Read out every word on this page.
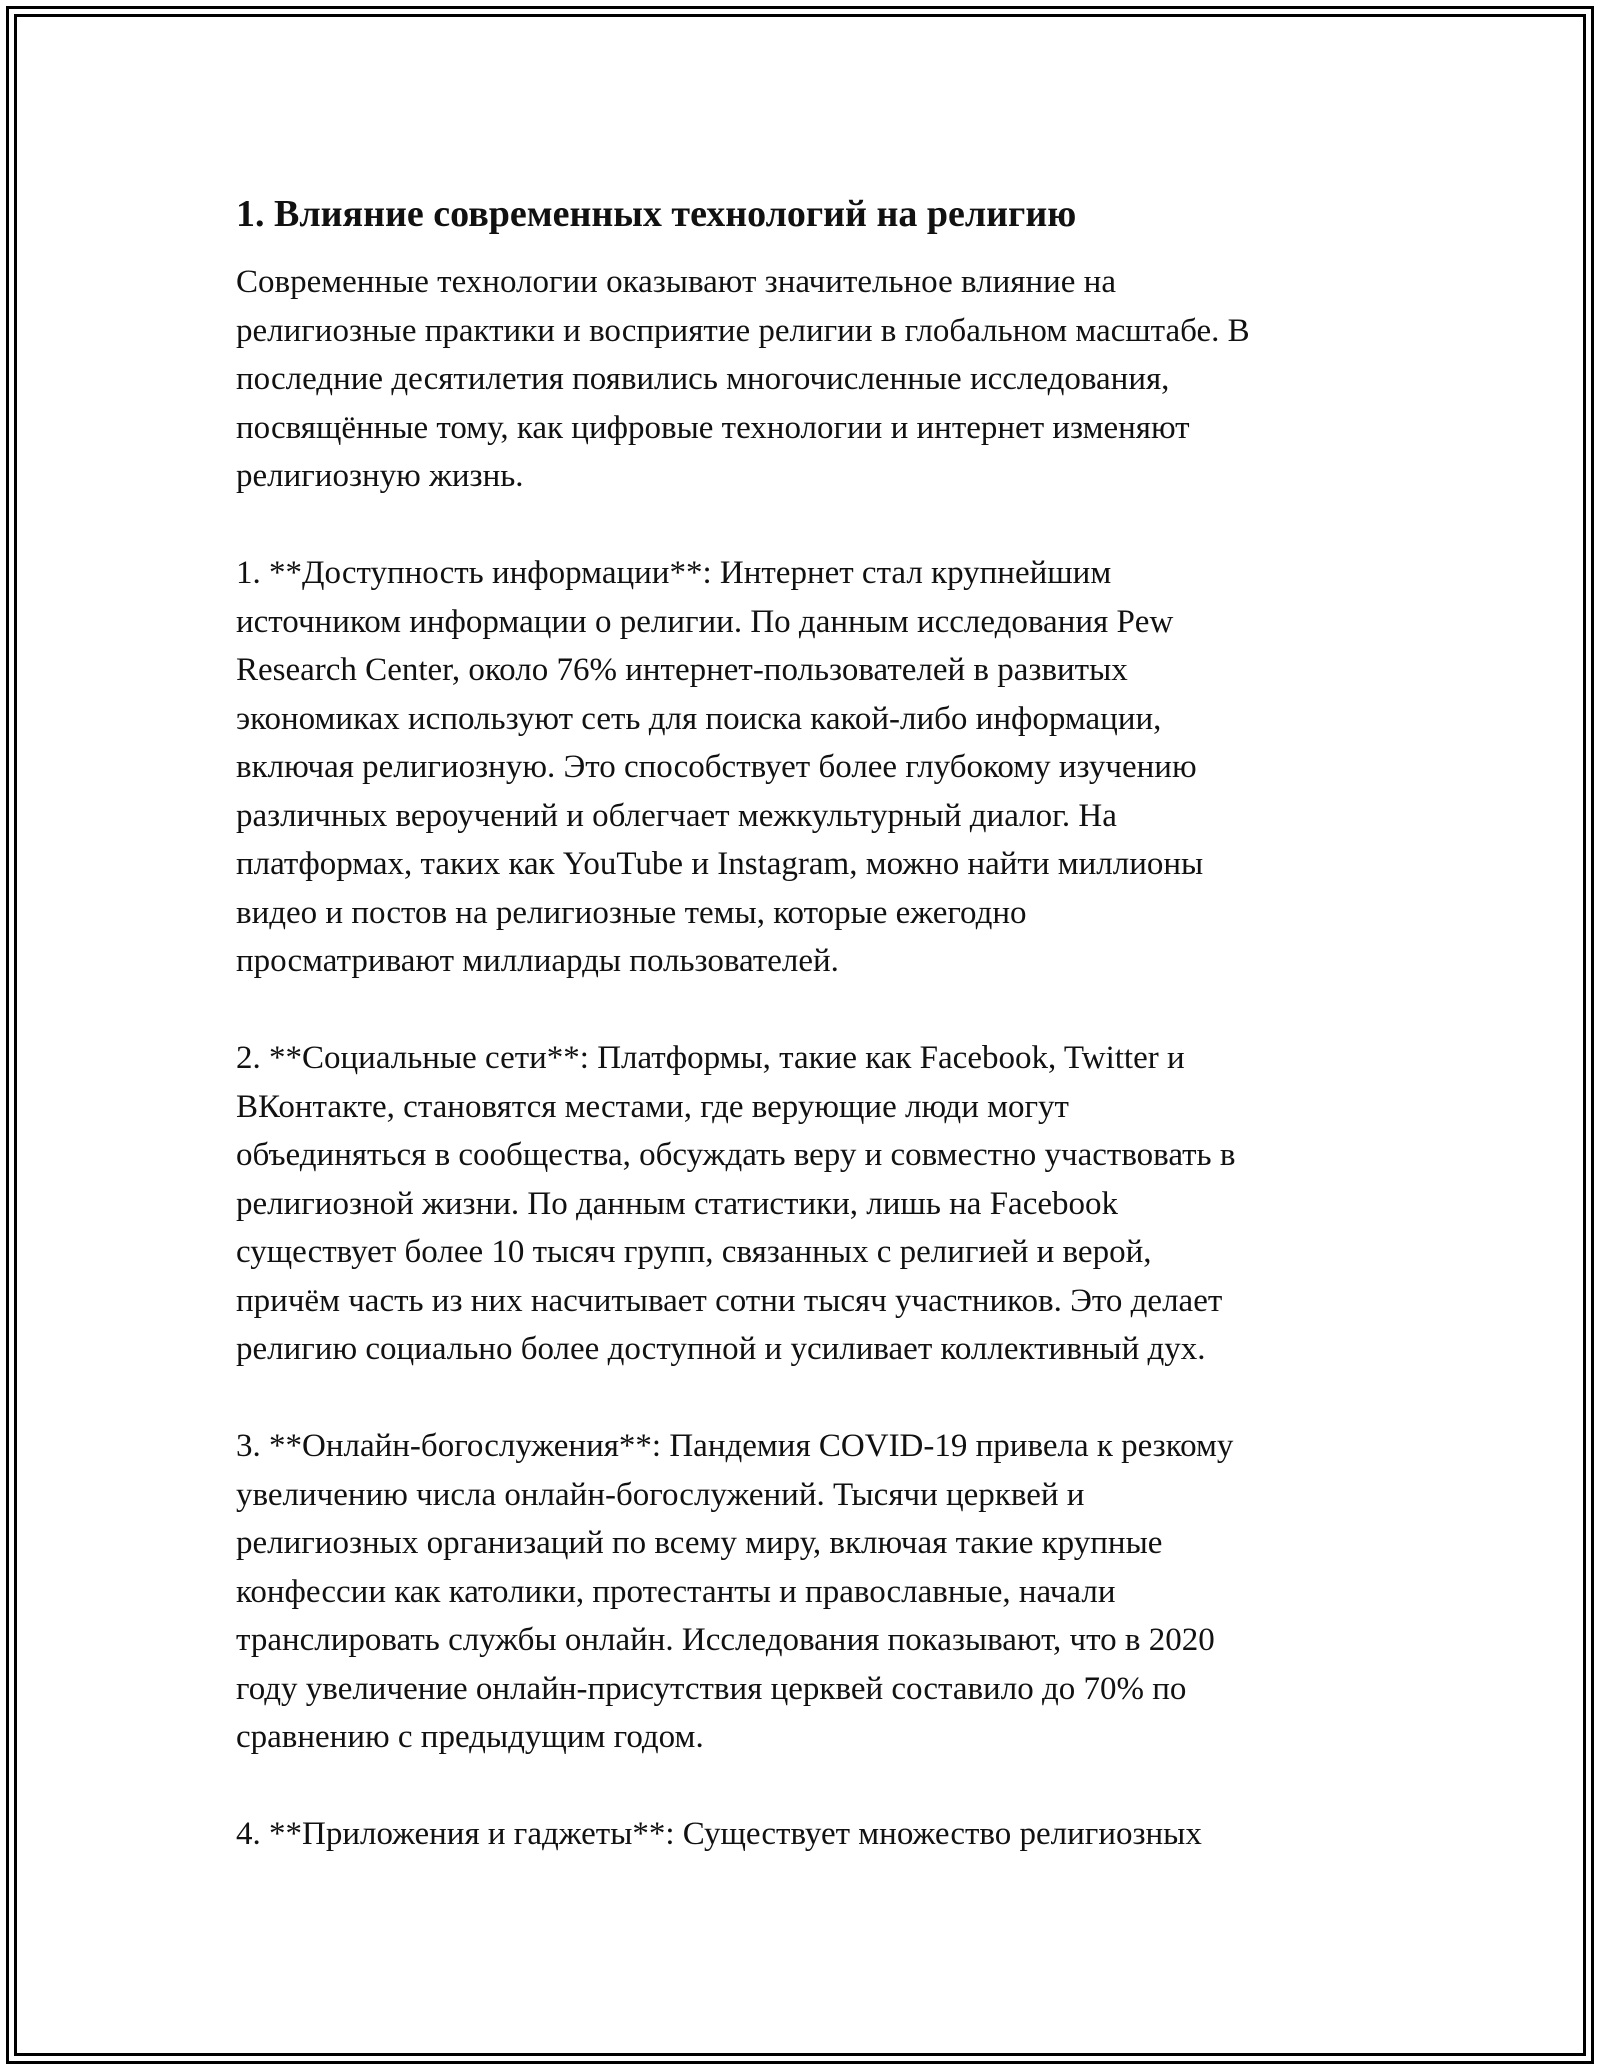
1. Влияние современных технологий на религию

Современные технологии оказывают значительное влияние на
религиозные практики и восприятие религии в глобальном масштабе. В
последние десятилетия появились многочисленные исследования,
посвящённые тому, как цифровые технологии и интернет изменяют
религиозную жизнь.

1. **Доступность информации**: Интернет стал крупнейшим
источником информации о религии. По данным исследования Pew
Research Center, около 76% интернет-пользователей в развитых
экономиках используют сеть для поиска какой-либо информации,
включая религиозную. Это способствует более глубокому изучению
различных вероучений и облегчает межкультурный диалог. На
платформах, таких как YouTube и Instagram, можно найти миллионы
видео и постов на религиозные темы, которые ежегодно
просматривают миллиарды пользователей.

2. **Социальные сети**: Платформы, такие как Facebook, Twitter и
ВКонтакте, становятся местами, где верующие люди могут
объединяться в сообщества, обсуждать веру и совместно участвовать в
религиозной жизни. По данным статистики, лишь на Facebook
существует более 10 тысяч групп, связанных с религией и верой,
причём часть из них насчитывает сотни тысяч участников. Это делает
религию социально более доступной и усиливает коллективный дух.

3. **Онлайн-богослужения**: Пандемия COVID-19 привела к резкому
увеличению числа онлайн-богослужений. Тысячи церквей и
религиозных организаций по всему миру, включая такие крупные
конфессии как католики, протестанты и православные, начали
транслировать службы онлайн. Исследования показывают, что в 2020
году увеличение онлайн-присутствия церквей составило до 70% по
сравнению с предыдущим годом.

4. **Приложения и гаджеты**: Существует множество религиозных
